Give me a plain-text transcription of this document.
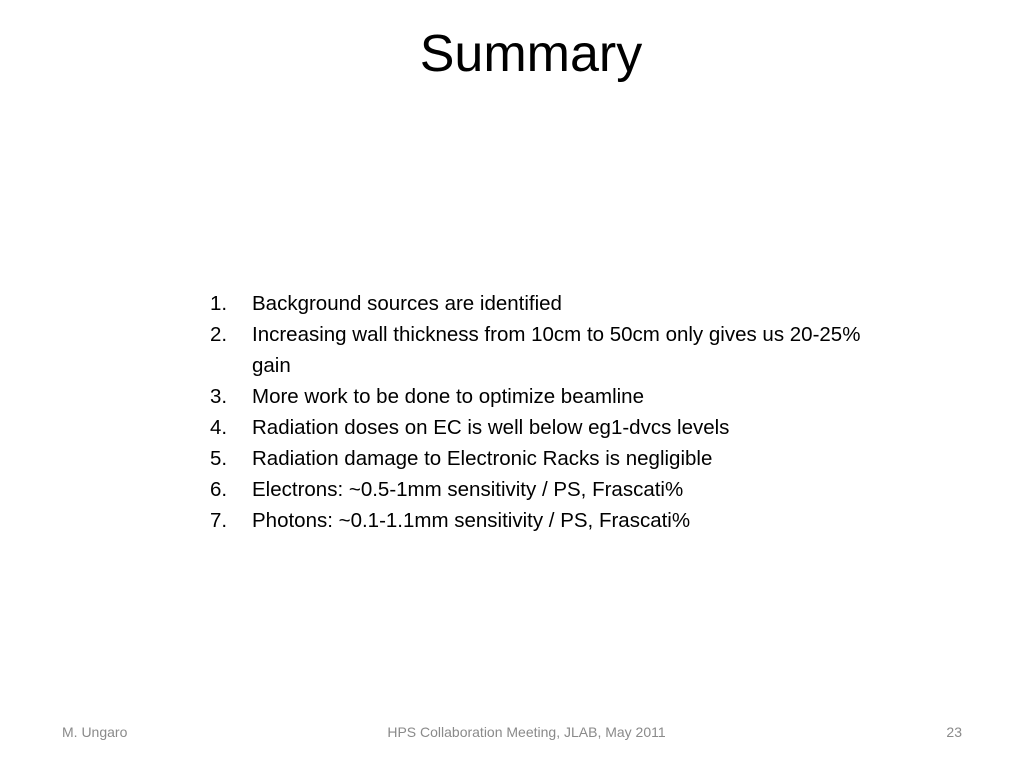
Summary
1.	Background sources are identified
2.	Increasing wall thickness from 10cm to 50cm only gives us 20-25% gain
3.	More work to be done to optimize beamline
4.	Radiation doses on EC is well below eg1-dvcs levels
5.	Radiation damage to Electronic Racks is negligible
6.	Electrons: ~0.5-1mm sensitivity / PS, Frascati%
7.	Photons: ~0.1-1.1mm sensitivity / PS, Frascati%
M. Ungaro	HPS Collaboration Meeting, JLAB, May 2011	23
